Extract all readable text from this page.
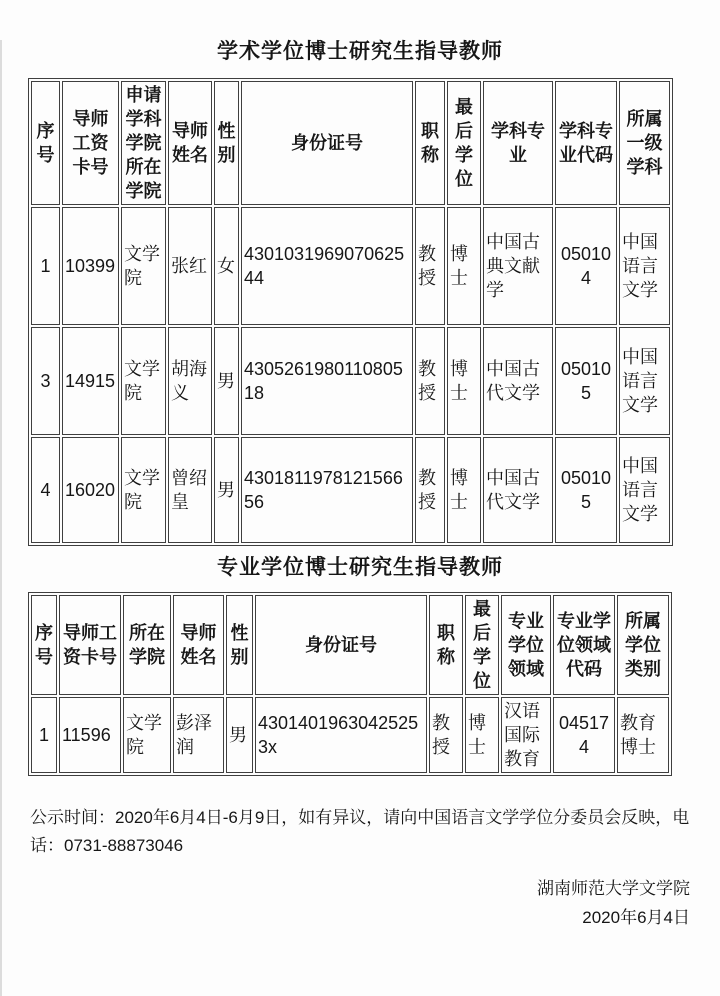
学术学位博士研究生指导教师
序号	导师工资卡号	申请学科学院所在学院	导师姓名	性别	身份证号	职称	最后学位	学科专业	学科专业代码	所属一级学科
1	10399	文学院	张红	女	430103196907062544	教授	博士	中国古典文献学	050104	中国语言文学
3	14915	文学院	胡海义	男	430526198011080518	教授	博士	中国古代文学	050105	中国语言文学
4	16020	文学院	曾绍皇	男	430181197812156656	教授	博士	中国古代文学	050105	中国语言文学
专业学位博士研究生指导教师
序号	导师工资卡号	所在学院	导师姓名	性别	身份证号	职称	最后学位	专业学位领域	专业学位领域代码	所属学位类别
1	11596	文学院	彭泽润	男	43014019630425253x	教授	博士	汉语国际教育	045174	教育博士

公示时间：2020年6月4日-6月9日，如有异议，请向中国语言文学学位分委员会反映，电话：0731-88873046

湖南师范大学文学院
2020年6月4日
